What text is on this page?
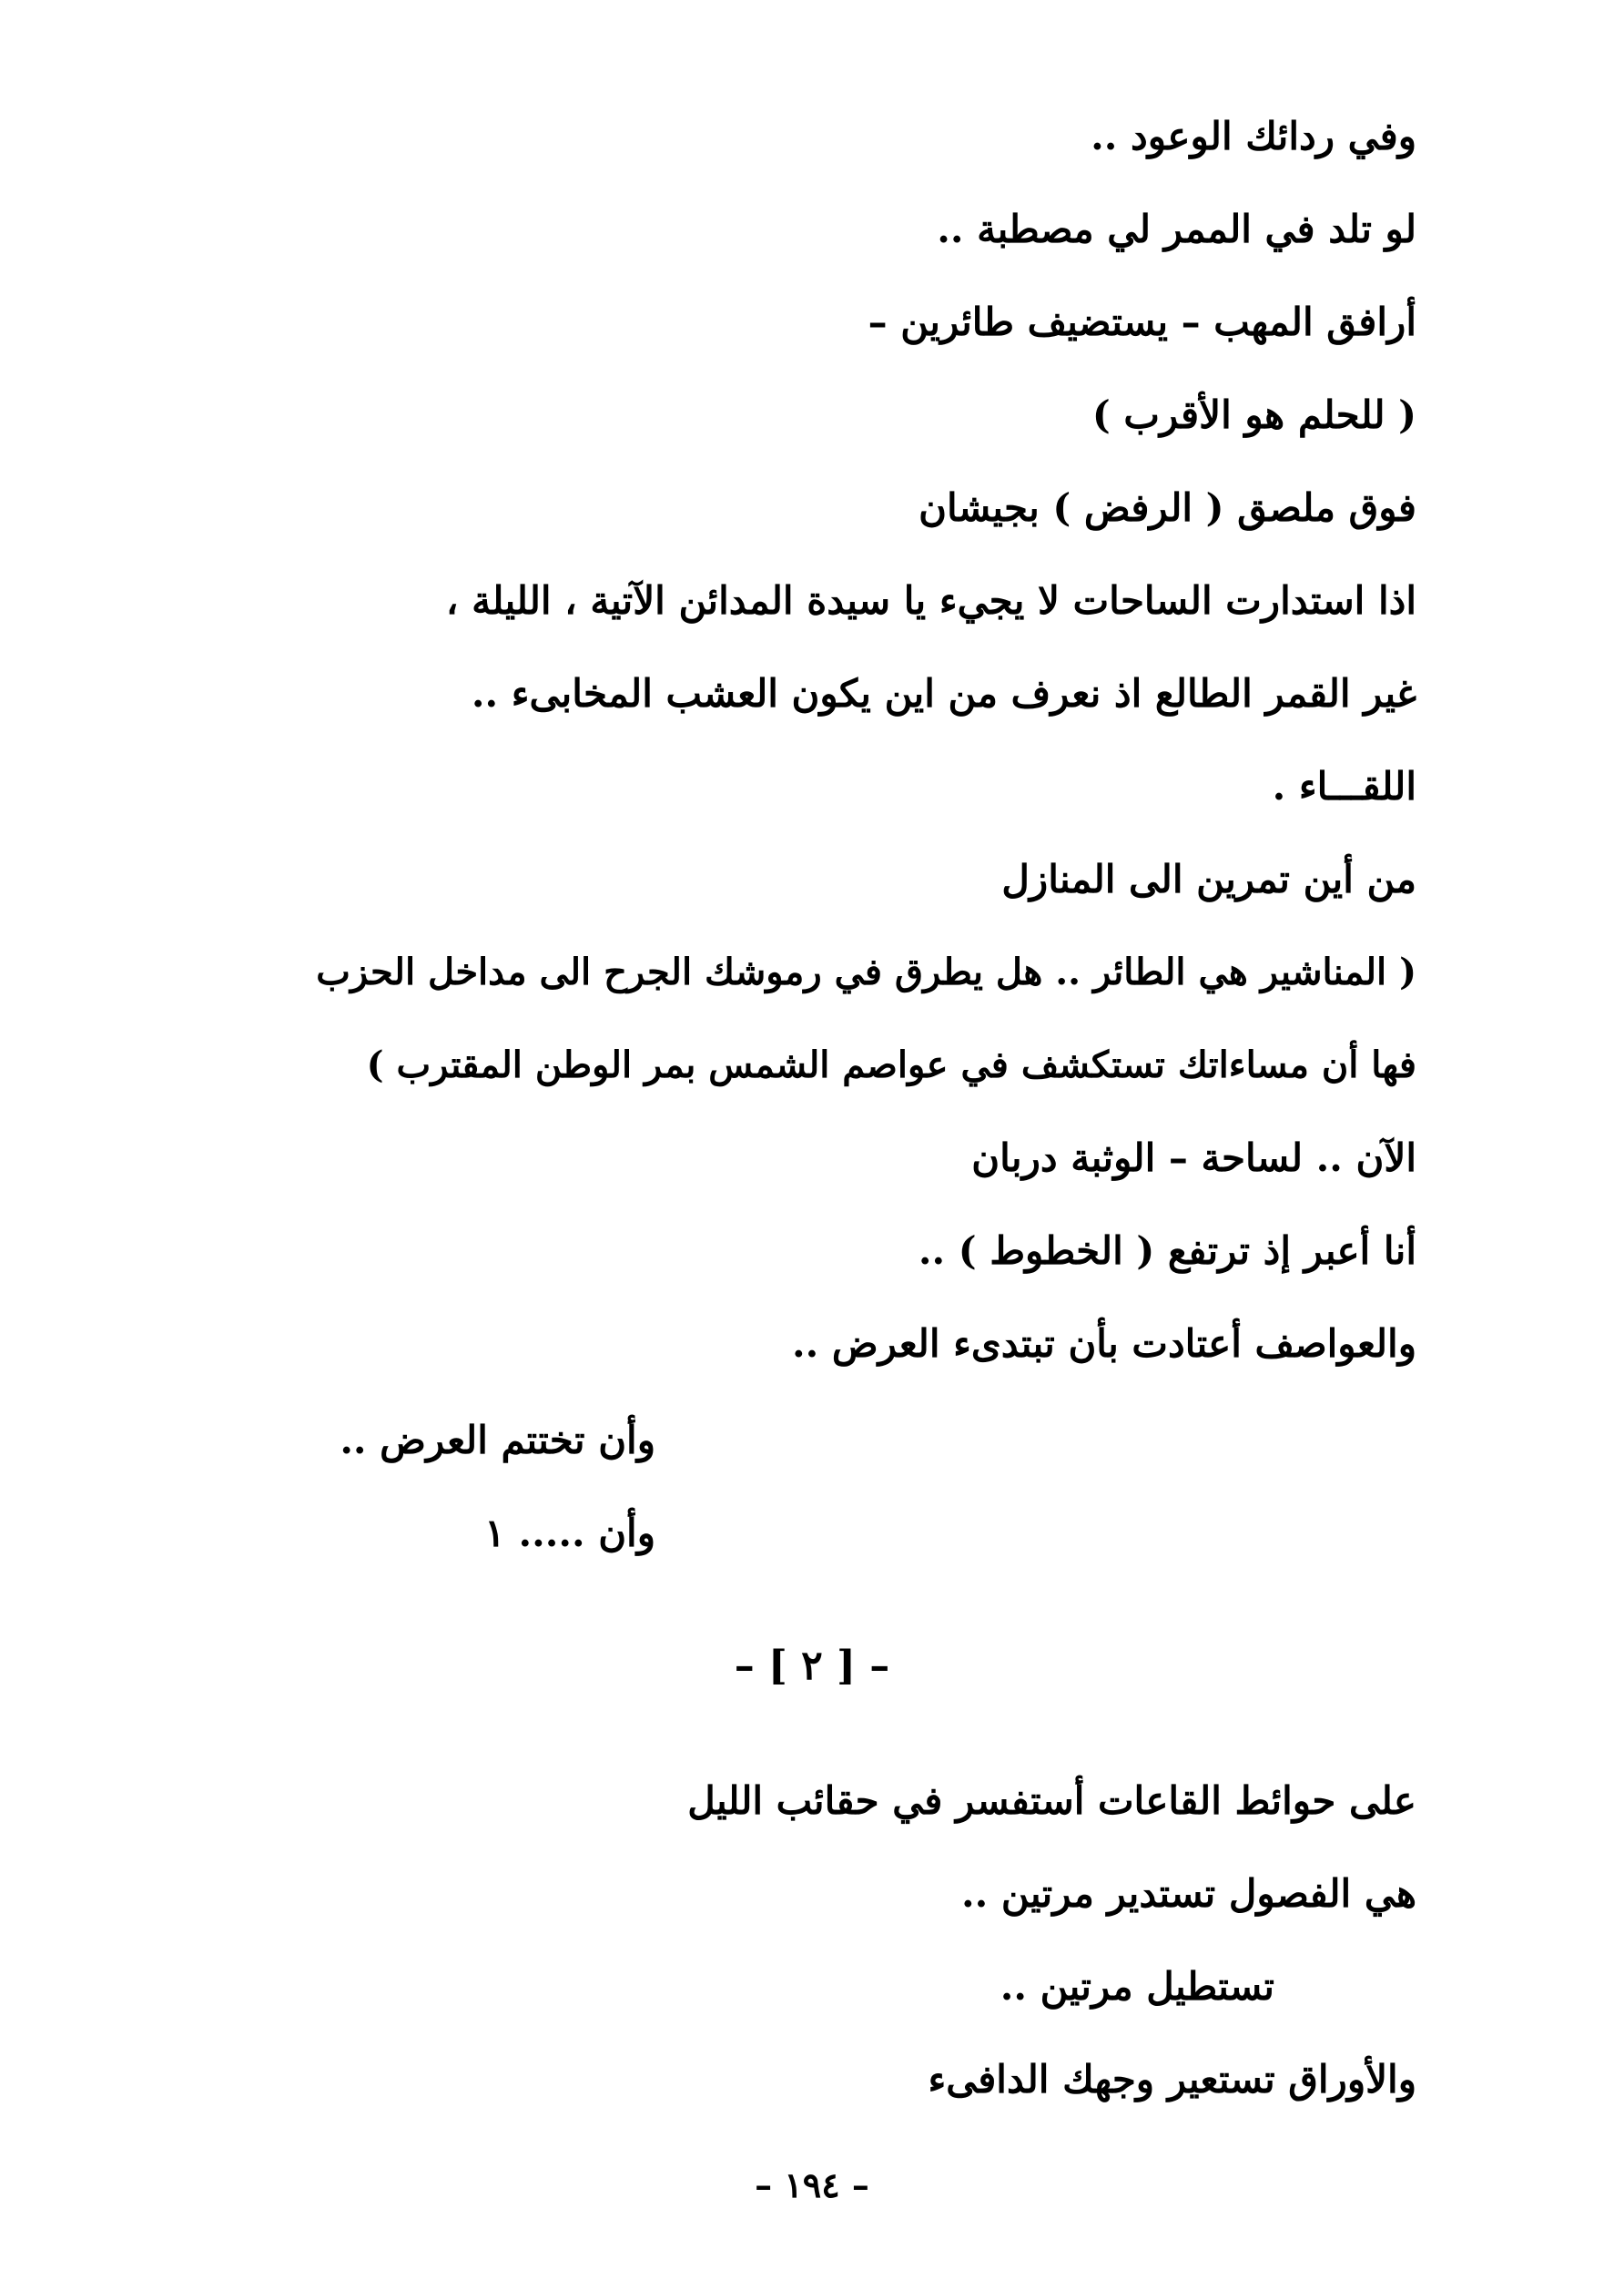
وفي ردائك الوعود ..
لو تلد في الممر لي مصطبة ..
أرافق المهب – يستضيف طائرين –
( للحلم هو الأقرب )
فوق ملصق ( الرفض ) بجيشان
اذا استدارت الساحات لا يجيء يا سيدة المدائن الآتية ، الليلة ،
غير القمر الطالع اذ نعرف من اين يكون العشب المخابىء ..
اللقـــاء .
من أين تمرين الى المنازل
( المناشير هي الطائر .. هل يطرق في رموشك الجرح الى مداخل الحزب
فها أن مساءاتك تستكشف في عواصم الشمس بمر الوطن المقترب )
الآن .. لساحة – الوثبة دربان
أنا أعبر إذ ترتفع ( الخطوط ) ..
والعواصف أعتادت بأن تبتدىء العرض ..
وأن تختتم العرض ..
وأن ..... ١
– [ ٢ ] –
على حوائط القاعات أستفسر في حقائب الليل
هي الفصول تستدير مرتين ..
تستطيل مرتين ..
والأوراق تستعير وجهك الدافىء
– ١٩٤ –
